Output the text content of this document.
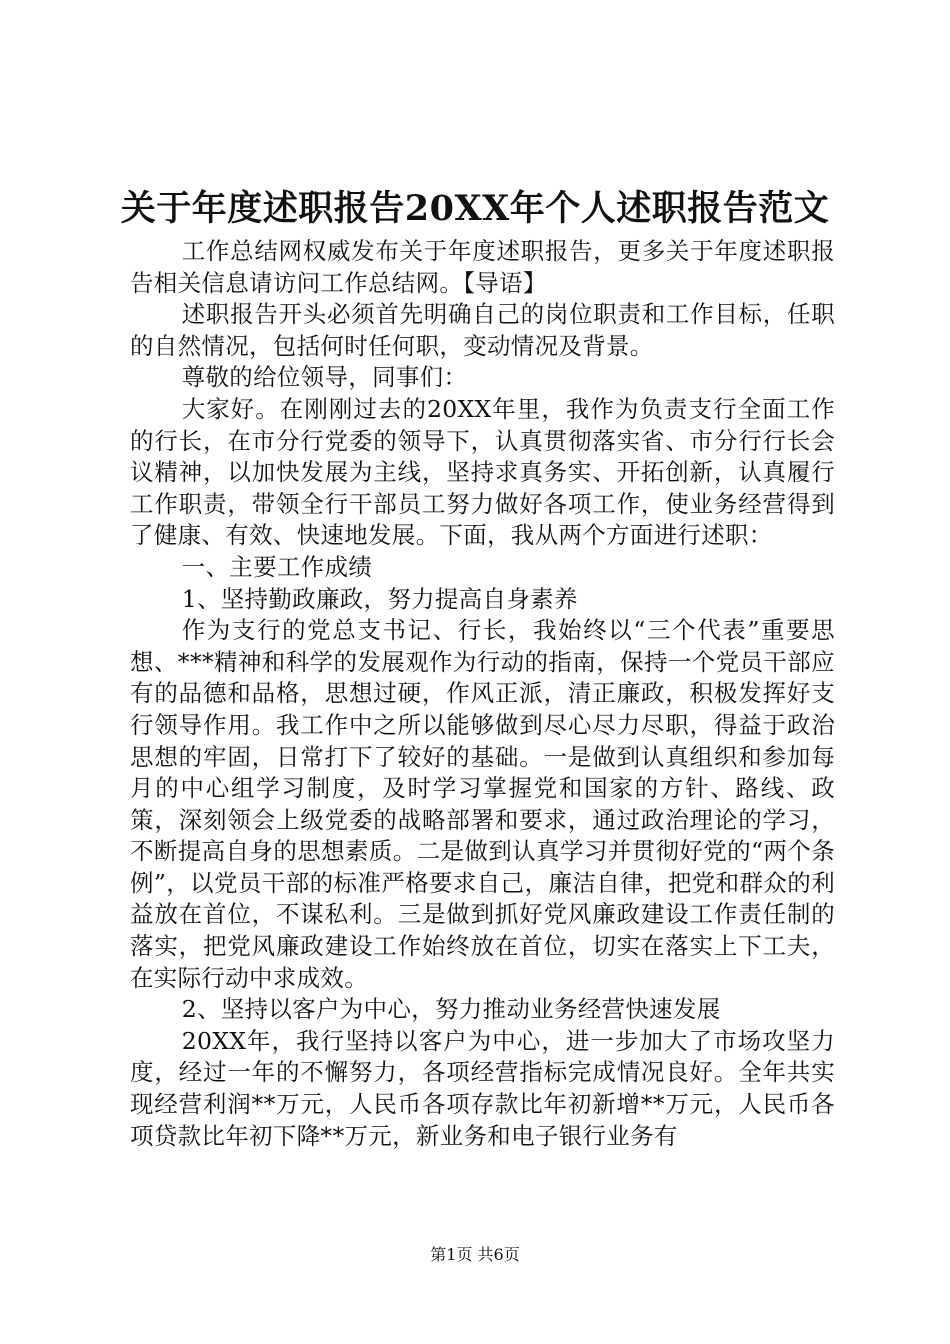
关于年度述职报告20XX年个人述职报告范文

工作总结网权威发布关于年度述职报告，更多关于年度述职报告相关信息请访问工作总结网。【导语】

述职报告开头必须首先明确自己的岗位职责和工作目标，任职的自然情况，包括何时任何职，变动情况及背景。

尊敬的给位领导，同事们：

大家好。在刚刚过去的20XX年里，我作为负责支行全面工作的行长，在市分行党委的领导下，认真贯彻落实省、市分行行长会议精神，以加快发展为主线，坚持求真务实、开拓创新，认真履行工作职责，带领全行干部员工努力做好各项工作，使业务经营得到了健康、有效、快速地发展。下面，我从两个方面进行述职：

一、主要工作成绩

1、坚持勤政廉政，努力提高自身素养

作为支行的党总支书记、行长，我始终以“三个代表”重要思想、***精神和科学的发展观作为行动的指南，保持一个党员干部应有的品德和品格，思想过硬，作风正派，清正廉政，积极发挥好支行领导作用。我工作中之所以能够做到尽心尽力尽职，得益于政治思想的牢固，日常打下了较好的基础。一是做到认真组织和参加每月的中心组学习制度，及时学习掌握党和国家的方针、路线、政策，深刻领会上级党委的战略部署和要求，通过政治理论的学习，不断提高自身的思想素质。二是做到认真学习并贯彻好党的“两个条例”，以党员干部的标准严格要求自己，廉洁自律，把党和群众的利益放在首位，不谋私利。三是做到抓好党风廉政建设工作责任制的落实，把党风廉政建设工作始终放在首位，切实在落实上下工夫，在实际行动中求成效。

2、坚持以客户为中心，努力推动业务经营快速发展

20XX年，我行坚持以客户为中心，进一步加大了市场攻坚力度，经过一年的不懈努力，各项经营指标完成情况良好。全年共实现经营利润**万元，人民币各项存款比年初新增**万元，人民币各项贷款比年初下降**万元，新业务和电子银行业务有

第1页 共6页
